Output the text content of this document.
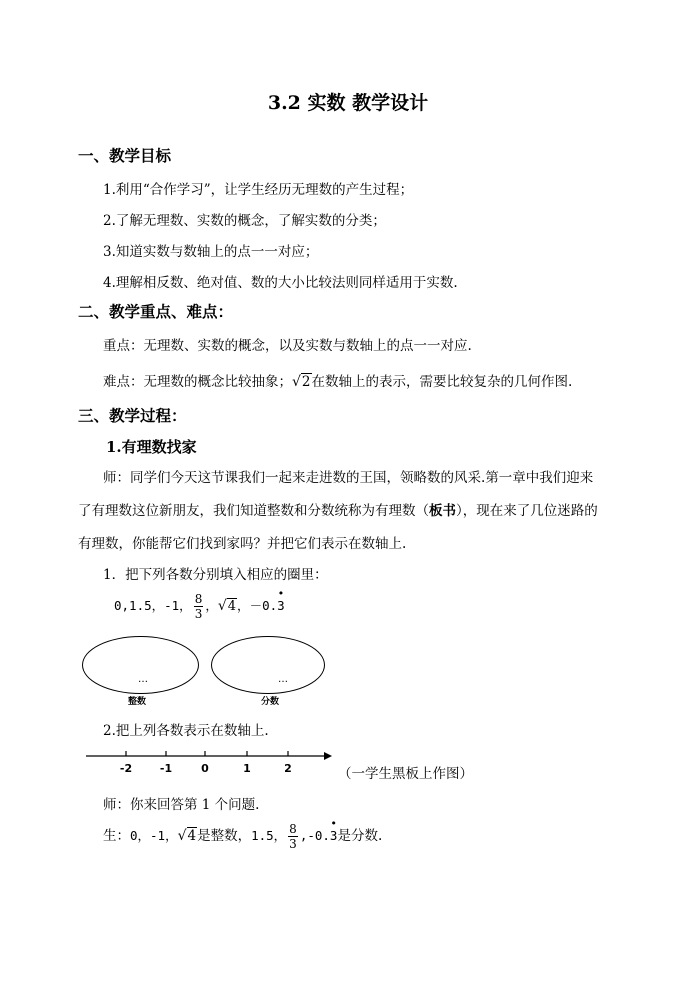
3.2 实数 教学设计
一、教学目标
1.利用“合作学习”，让学生经历无理数的产生过程；
2.了解无理数、实数的概念，了解实数的分类；
3.知道实数与数轴上的点一一对应；
4.理解相反数、绝对值、数的大小比较法则同样适用于实数.
二、教学重点、难点：
重点：无理数、实数的概念，以及实数与数轴上的点一一对应.
难点：无理数的概念比较抽象；√2在数轴上的表示，需要比较复杂的几何作图.
三、教学过程：
1.有理数找家
师：同学们今天这节课我们一起来走进数的王国，领略数的风采.第一章中我们迎来
了有理数这位新朋友，我们知道整数和分数统称为有理数（板书），现在来了几位迷路的
有理数，你能帮它们找到家吗？并把它们表示在数轴上.
1．把下列各数分别填入相应的圈里：
0,1.5，-1， $\frac{8}{3}$ ，√4，－0.
•
3
…
整数
…
分数
2.把上列各数表示在数轴上.
-2	-1	0	1	2	（一学生黑板上作图）
师：你来回答第 1 个问题.
生：0，-1，√4是整数，1.5， $\frac{8}{3} ,-0$.
•
3是分数.
